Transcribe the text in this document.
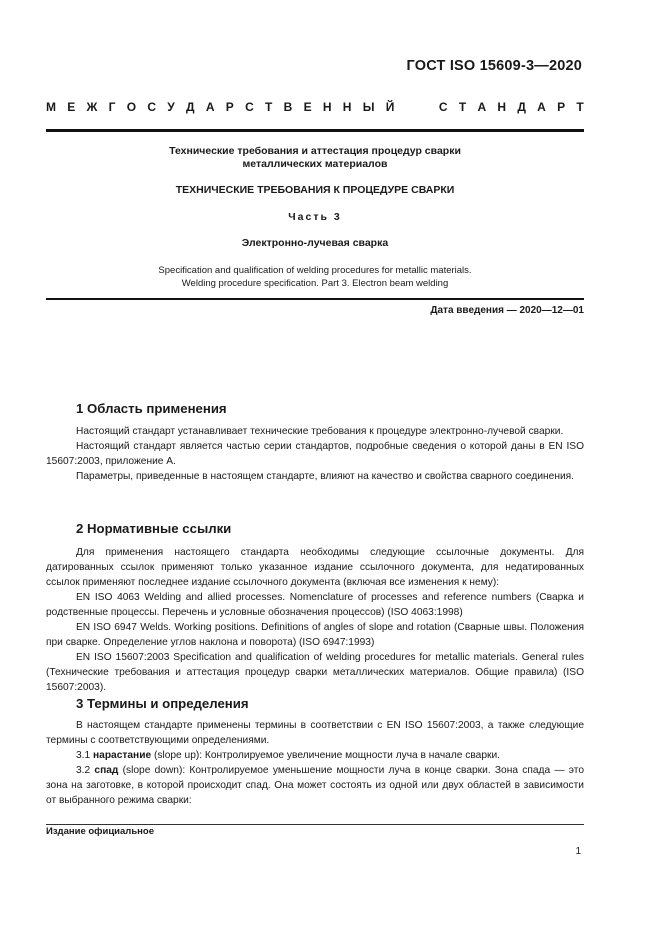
ГОСТ ISO 15609-3—2020
М Е Ж Г О С У Д А Р С Т В Е Н Н Ы Й	С Т А Н Д А Р Т
Технические требования и аттестация процедур сварки
металлических материалов
ТЕХНИЧЕСКИЕ ТРЕБОВАНИЯ К ПРОЦЕДУРЕ СВАРКИ
Часть 3
Электронно-лучевая сварка
Specification and qualification of welding procedures for metallic materials.
Welding procedure specification. Part 3. Electron beam welding
Дата введения — 2020—12—01
1 Область применения

Настоящий стандарт устанавливает технические требования к процедуре электронно-лучевой сварки.

Настоящий стандарт является частью серии стандартов, подробные сведения о которой даны в EN ISO 15607:2003, приложение А.

Параметры, приведенные в настоящем стандарте, влияют на качество и свойства сварного соединения.

2 Нормативные ссылки

Для применения настоящего стандарта необходимы следующие ссылочные документы. Для датированных ссылок применяют только указанное издание ссылочного документа, для недатированных ссылок применяют последнее издание ссылочного документа (включая все изменения к нему):

EN ISO 4063 Welding and allied processes. Nomenclature of processes and reference numbers (Сварка и родственные процессы. Перечень и условные обозначения процессов) (ISO 4063:1998)

EN ISO 6947 Welds. Working positions. Definitions of angles of slope and rotation (Сварные швы. Положения при сварке. Определение углов наклона и поворота) (ISO 6947:1993)

EN ISO 15607:2003 Specification and qualification of welding procedures for metallic materials. General rules (Технические требования и аттестация процедур сварки металлических материалов. Общие правила) (ISO 15607:2003).

3 Термины и определения

В настоящем стандарте применены термины в соответствии с EN ISO 15607:2003, а также следующие термины с соответствующими определениями.

3.1 нарастание (slope up): Контролируемое увеличение мощности луча в начале сварки.

3.2 спад (slope down): Контролируемое уменьшение мощности луча в конце сварки. Зона спада — это зона на заготовке, в которой происходит спад. Она может состоять из одной или двух областей в зависимости от выбранного режима сварки:

Издание официальное
1
